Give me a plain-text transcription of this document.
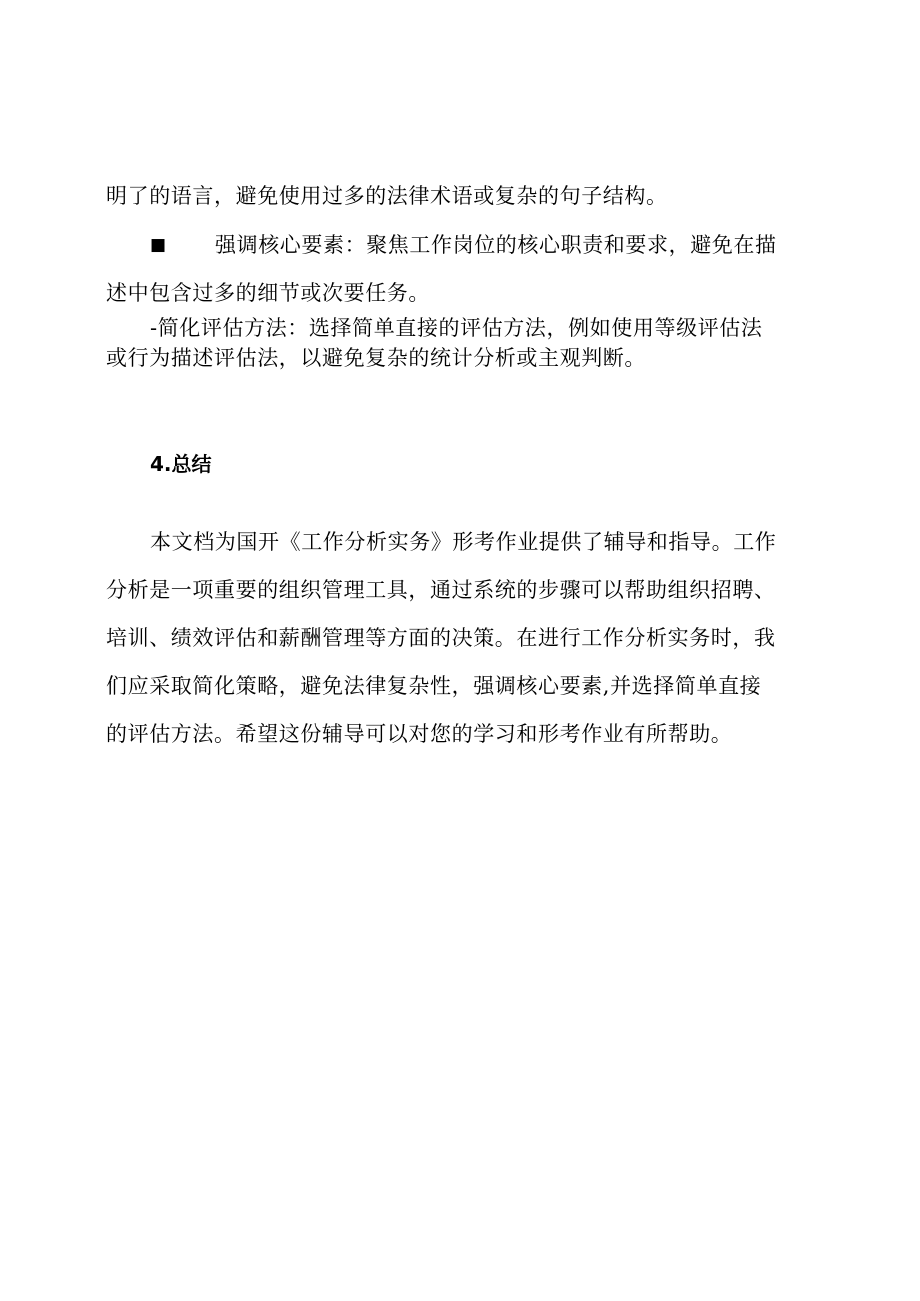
明了的语言，避免使用过多的法律术语或复杂的句子结构。
■ 强调核心要素：聚焦工作岗位的核心职责和要求，避免在描
述中包含过多的细节或次要任务。
-简化评估方法：选择简单直接的评估方法，例如使用等级评估法
或行为描述评估法，以避免复杂的统计分析或主观判断。
4.总结
本文档为国开《工作分析实务》形考作业提供了辅导和指导。工作
分析是一项重要的组织管理工具，通过系统的步骤可以帮助组织招聘、
培训、绩效评估和薪酬管理等方面的决策。在进行工作分析实务时，我
们应采取简化策略，避免法律复杂性，强调核心要素,并选择简单直接
的评估方法。希望这份辅导可以对您的学习和形考作业有所帮助。
